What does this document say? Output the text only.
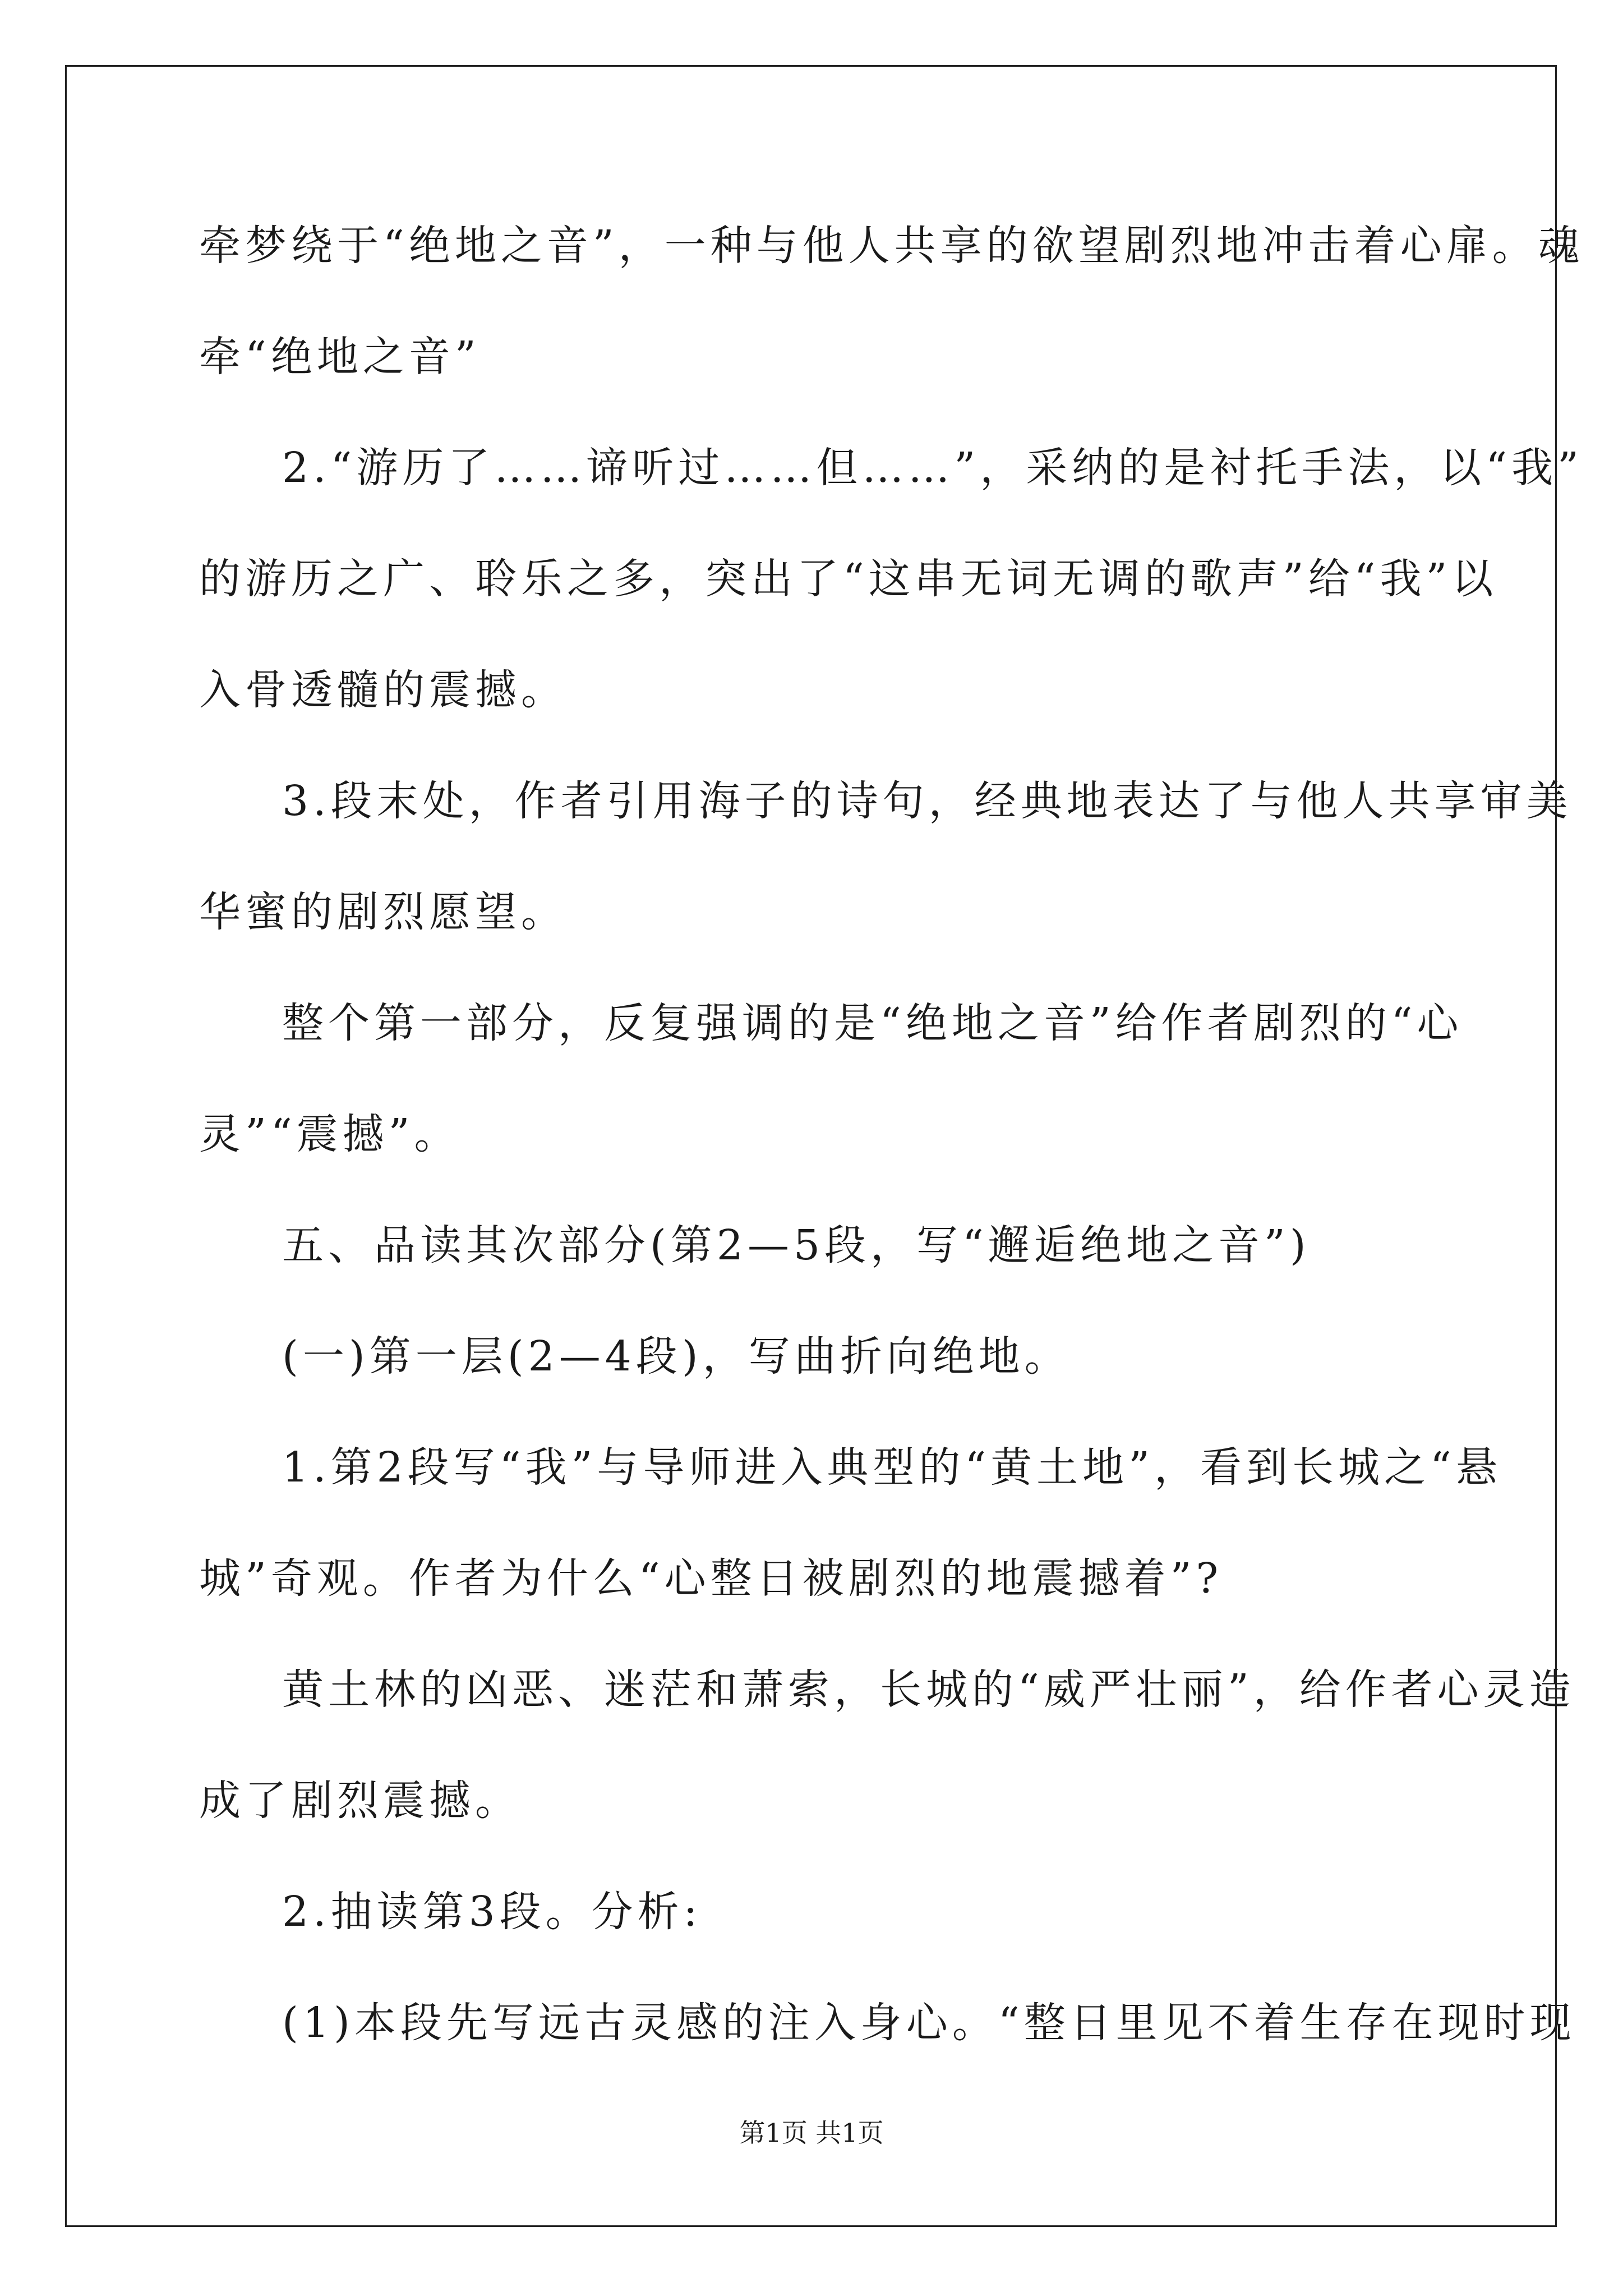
牵梦绕于“绝地之音”，一种与他人共享的欲望剧烈地冲击着心扉。魂
牵“绝地之音”
2.“游历了……谛听过……但……”，采纳的是衬托手法，以“我”
的游历之广、聆乐之多，突出了“这串无词无调的歌声”给“我”以
入骨透髓的震撼。
3.段末处，作者引用海子的诗句，经典地表达了与他人共享审美
华蜜的剧烈愿望。
整个第一部分，反复强调的是“绝地之音”给作者剧烈的“心
灵”“震撼”。
五、品读其次部分(第2—5段，写“邂逅绝地之音”)
(一)第一层(2—4段)，写曲折向绝地。
1.第2段写“我”与导师进入典型的“黄土地”，看到长城之“悬
城”奇观。作者为什么“心整日被剧烈的地震撼着”?
黄土林的凶恶、迷茫和萧索，长城的“威严壮丽”，给作者心灵造
成了剧烈震撼。
2.抽读第3段。分析:
(1)本段先写远古灵感的注入身心。“整日里见不着生存在现时现
第1页 共1页
